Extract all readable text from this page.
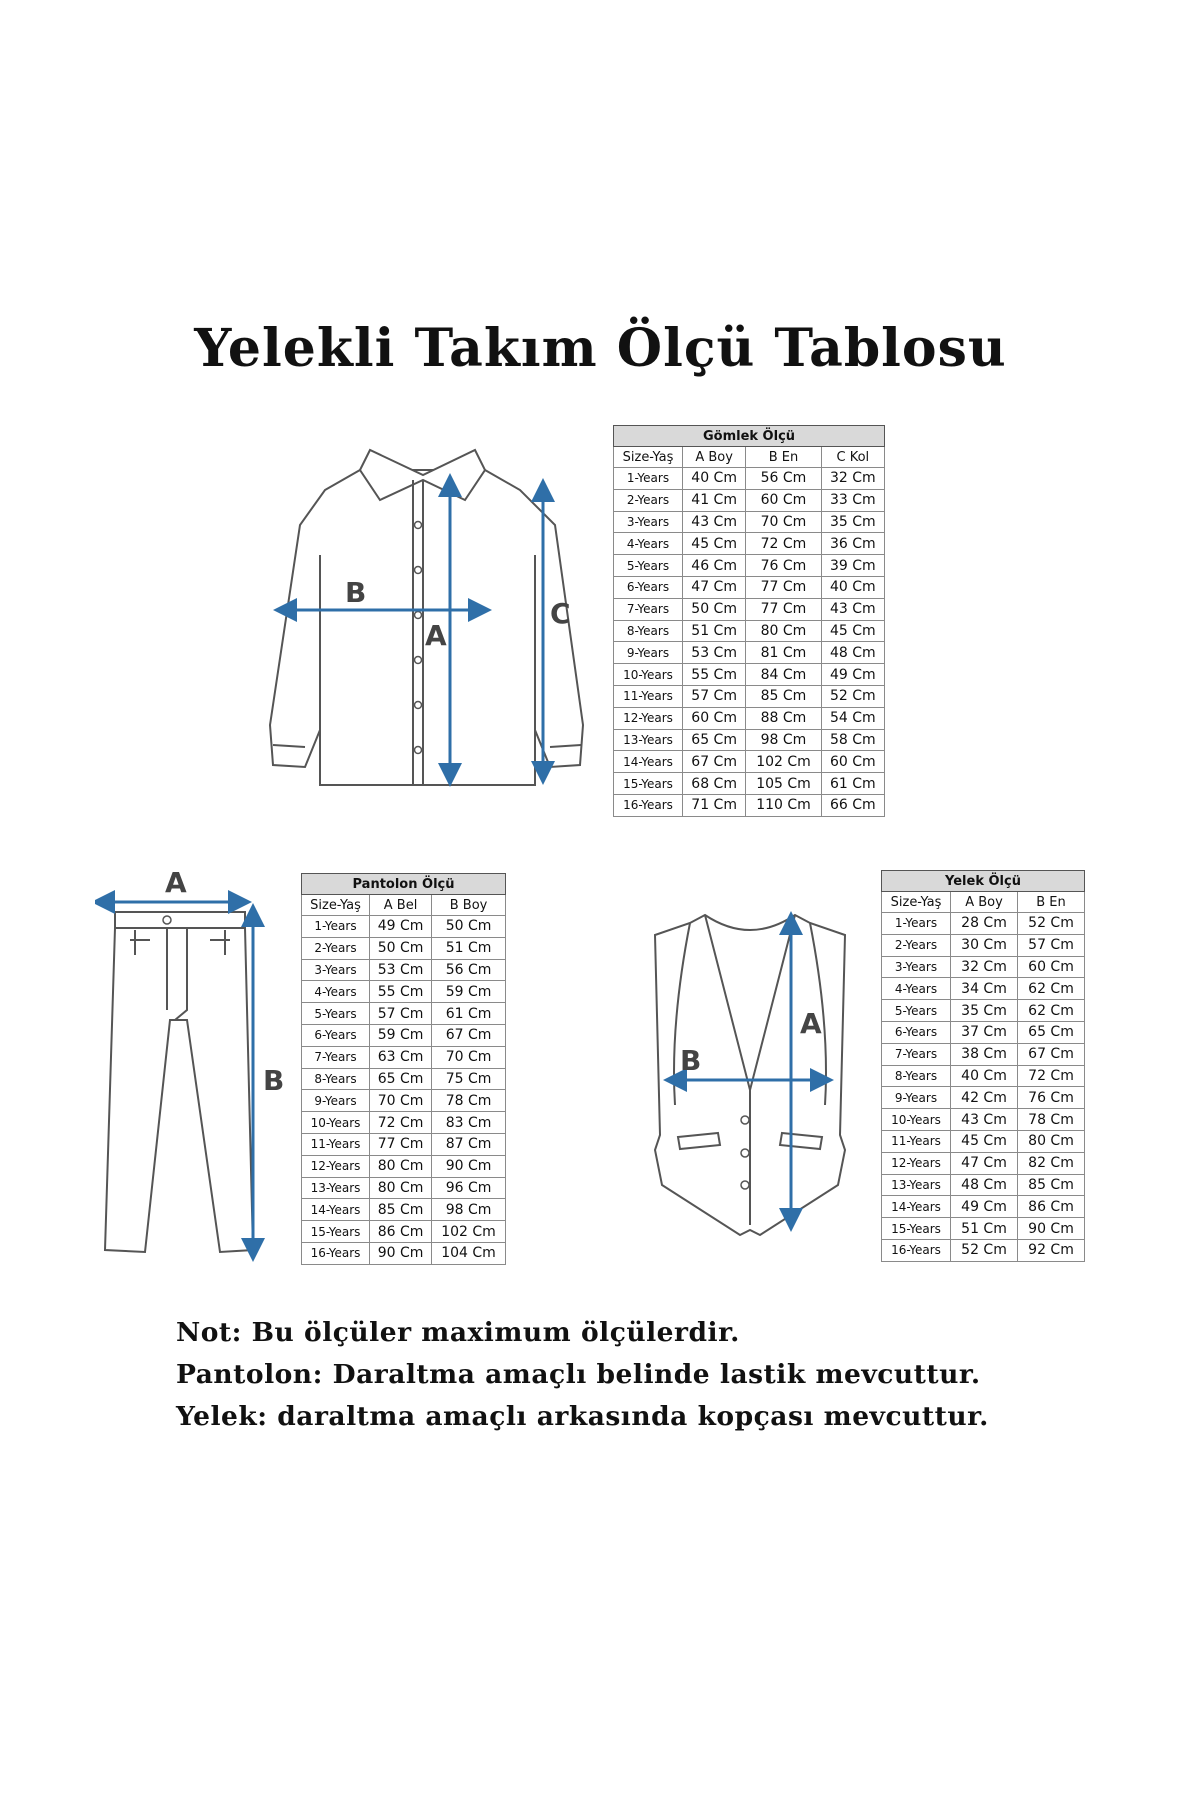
Yelekli Takım Ölçü Tablosu
B
A
C
Gömlek Ölçü			
Size-Yaş	A Boy	B En	C Kol
1-Years	40 Cm	56 Cm	32 Cm
2-Years	41 Cm	60 Cm	33 Cm
3-Years	43 Cm	70 Cm	35 Cm
4-Years	45 Cm	72 Cm	36 Cm
5-Years	46 Cm	76 Cm	39 Cm
6-Years	47 Cm	77 Cm	40 Cm
7-Years	50 Cm	77 Cm	43 Cm
8-Years	51 Cm	80 Cm	45 Cm
9-Years	53 Cm	81 Cm	48 Cm
10-Years	55 Cm	84 Cm	49 Cm
11-Years	57 Cm	85 Cm	52 Cm
12-Years	60 Cm	88 Cm	54 Cm
13-Years	65 Cm	98 Cm	58 Cm
14-Years	67 Cm	102 Cm	60 Cm
15-Years	68 Cm	105 Cm	61 Cm
16-Years	71 Cm	110 Cm	66 Cm
A
B
Pantolon Ölçü		
Size-Yaş	A Bel	B Boy
1-Years	49 Cm	50 Cm
2-Years	50 Cm	51 Cm
3-Years	53 Cm	56 Cm
4-Years	55 Cm	59 Cm
5-Years	57 Cm	61 Cm
6-Years	59 Cm	67 Cm
7-Years	63 Cm	70 Cm
8-Years	65 Cm	75 Cm
9-Years	70 Cm	78 Cm
10-Years	72 Cm	83 Cm
11-Years	77 Cm	87 Cm
12-Years	80 Cm	90 Cm
13-Years	80 Cm	96 Cm
14-Years	85 Cm	98 Cm
15-Years	86 Cm	102 Cm
16-Years	90 Cm	104 Cm
B
A
Yelek Ölçü		
Size-Yaş	A Boy	B En
1-Years	28 Cm	52 Cm
2-Years	30 Cm	57 Cm
3-Years	32 Cm	60 Cm
4-Years	34 Cm	62 Cm
5-Years	35 Cm	62 Cm
6-Years	37 Cm	65 Cm
7-Years	38 Cm	67 Cm
8-Years	40 Cm	72 Cm
9-Years	42 Cm	76 Cm
10-Years	43 Cm	78 Cm
11-Years	45 Cm	80 Cm
12-Years	47 Cm	82 Cm
13-Years	48 Cm	85 Cm
14-Years	49 Cm	86 Cm
15-Years	51 Cm	90 Cm
16-Years	52 Cm	92 Cm
Not: Bu ölçüler maximum ölçülerdir.
Pantolon: Daraltma amaçlı belinde lastik mevcuttur.
Yelek: daraltma amaçlı arkasında kopçası mevcuttur.
